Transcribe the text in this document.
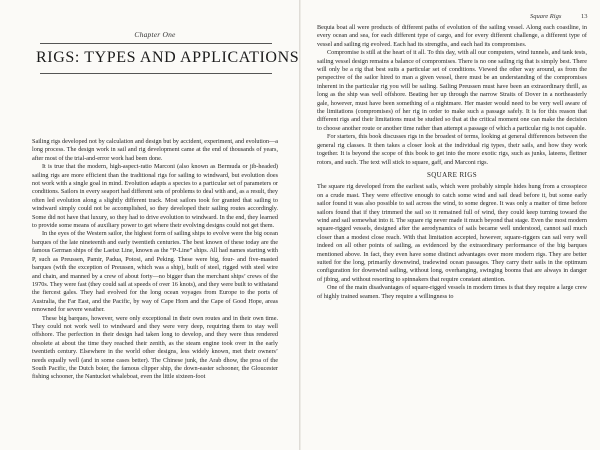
Chapter One
RIGS: TYPES AND APPLICATIONS

Sailing rigs developed not by calculation and design but by accident, experiment, and evolution—a long process. The design work in sail and rig development came at the end of thousands of years, after most of the trial-and-error work had been done.

It is true that the modern, high-aspect-ratio Marconi (also known as Bermuda or jib-headed) sailing rigs are more efficient than the traditional rigs for sailing to windward, but evolution does not work with a single goal in mind. Evolution adapts a species to a particular set of parameters or conditions. Sailors in every seaport had different sets of problems to deal with and, as a result, they often led evolution along a slightly different track. Most sailors took for granted that sailing to windward simply could not be accomplished, so they developed their sailing routes accordingly. Some did not have that luxury, so they had to drive evolution to windward. In the end, they learned to provide some means of auxiliary power to get where their evolving designs could not get them.

In the eyes of the Western sailor, the highest form of sailing ships to evolve were the big ocean barques of the late nineteenth and early twentieth centuries. The best known of these today are the famous German ships of the Laeisz Line, known as the “P-Line” ships. All had names starting with P, such as Preussen, Pamir, Padua, Potosi, and Peking. These were big, four- and five-masted barques (with the exception of Preussen, which was a ship), built of steel, rigged with steel wire and chain, and manned by a crew of about forty—no bigger than the merchant ships’ crews of the 1970s. They were fast (they could sail at speeds of over 16 knots), and they were built to withstand the fiercest gales. They had evolved for the long ocean voyages from Europe to the ports of Australia, the Far East, and the Pacific, by way of Cape Horn and the Cape of Good Hope, areas renowned for severe weather.

These big barques, however, were only exceptional in their own routes and in their own time. They could not work well to windward and they were very deep, requiring them to stay well offshore. The perfection in their design had taken long to develop, and they were thus rendered obsolete at about the time they reached their zenith, as the steam engine took over in the early twentieth century. Elsewhere in the world other designs, less widely known, met their owners’ needs equally well (and in some cases better). The Chinese junk, the Arab dhow, the proa of the South Pacific, the Dutch boier, the famous clipper ship, the down-easter schooner, the Gloucester fishing schooner, the Nantucket whaleboat, even the little sixteen-foot

Square Rigs	13

Bequia boat all were products of different paths of evolution of the sailing vessel. Along each coastline, in every ocean and sea, for each different type of cargo, and for every different challenge, a different type of vessel and sailing rig evolved. Each had its strengths, and each had its compromises.

Compromise is still at the heart of it all. To this day, with all our computers, wind tunnels, and tank tests, sailing vessel design remains a balance of compromises. There is no one sailing rig that is simply best. There will only be a rig that best suits a particular set of conditions. Viewed the other way around, as from the perspective of the sailor hired to man a given vessel, there must be an understanding of the compromises inherent in the particular rig you will be sailing. Sailing Preussen must have been an extraordinary thrill, as long as the ship was well offshore. Beating her up through the narrow Straits of Dover in a northeasterly gale, however, must have been something of a nightmare. Her master would need to be very well aware of the limitations (compromises) of her rig in order to make such a passage safely. It is for this reason that different rigs and their limitations must be studied so that at the critical moment one can make the decision to choose another route or another time rather than attempt a passage of which a particular rig is not capable.

For starters, this book discusses rigs in the broadest of terms, looking at general differences between the general rig classes. It then takes a closer look at the individual rig types, their sails, and how they work together. It is beyond the scope of this book to get into the more exotic rigs, such as junks, lateens, flettner rotors, and such. The text will stick to square, gaff, and Marconi rigs.

SQUARE RIGS

The square rig developed from the earliest sails, which were probably simple hides hung from a crosspiece on a crude mast. They were effective enough to catch some wind and sail dead before it, but some early sailor found it was also possible to sail across the wind, to some degree. It was only a matter of time before sailors found that if they trimmed the sail so it remained full of wind, they could keep turning toward the wind and sail somewhat into it. The square rig never made it much beyond that stage. Even the most modern square-rigged vessels, designed after the aerodynamics of sails became well understood, cannot sail much closer than a modest close reach. With that limitation accepted, however, square-riggers can sail very well indeed on all other points of sailing, as evidenced by the extraordinary performance of the big barques mentioned above. In fact, they even have some distinct advantages over more modern rigs. They are better suited for the long, primarily downwind, tradewind ocean passages. They carry their sails in the optimum configuration for downwind sailing, without long, overhanging, swinging booms that are always in danger of jibing, and without resorting to spinnakers that require constant attention.

One of the main disadvantages of square-rigged vessels in modern times is that they require a large crew of highly trained seamen. They require a willingness to
